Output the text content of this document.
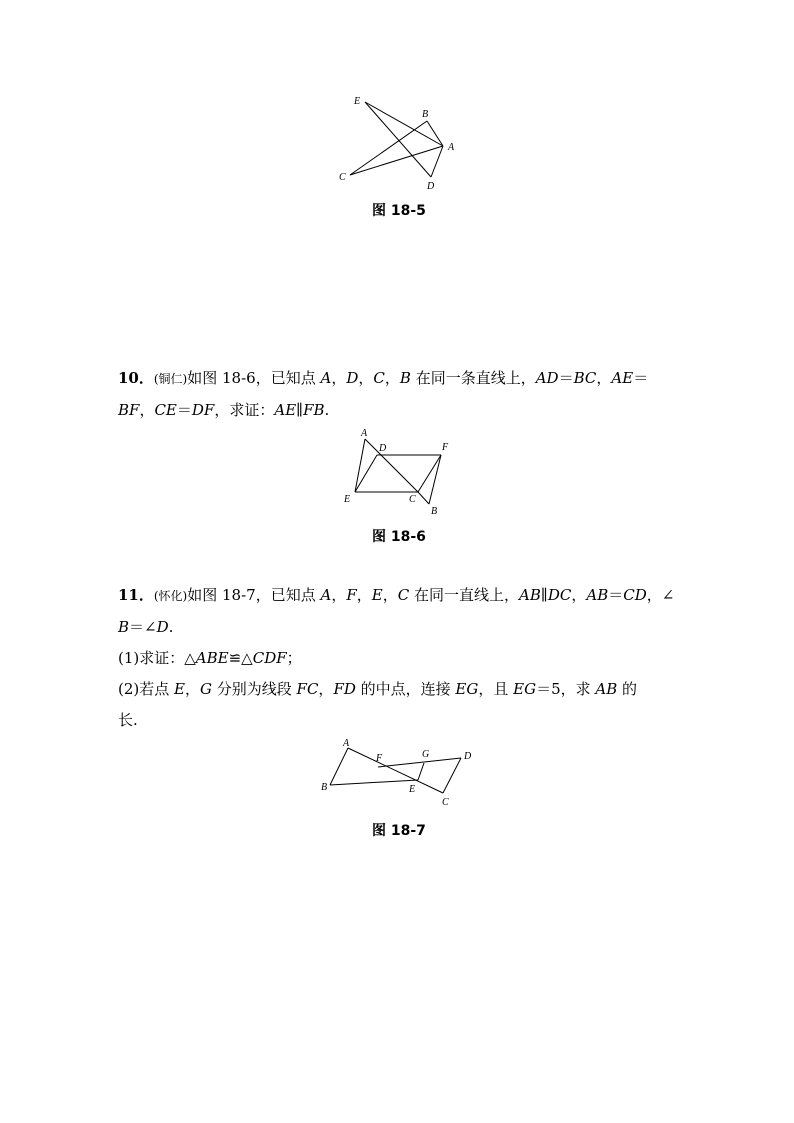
E
B
A
C
D
图 18-5
10．(铜仁)如图 18-6，已知点 A，D，C，B 在同一条直线上，AD＝BC，AE＝
BF，CE＝DF，求证：AE∥FB.
A
D	F
E	C
B
图 18-6
11．(怀化)如图 18-7，已知点 A，F，E，C 在同一直线上，AB∥DC，AB＝CD，∠
B＝∠D.
(1)求证：△ABE≌△CDF；
(2)若点 E，G 分别为线段 FC，FD 的中点，连接 EG，且 EG＝5，求 AB 的
长.
A
F	G	D
B	E
C
图 18-7
